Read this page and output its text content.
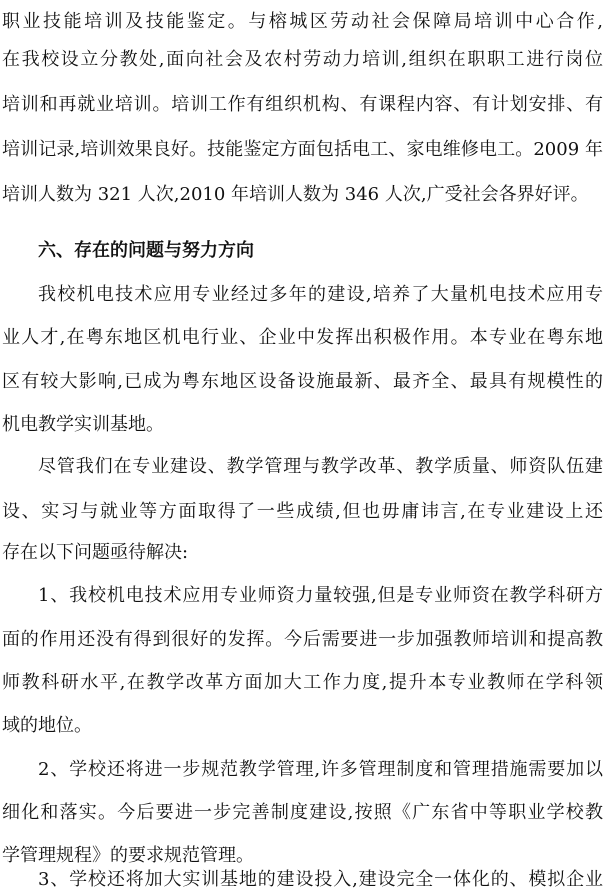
职业技能培训及技能鉴定。与榕城区劳动社会保障局培训中心合作,
在我校设立分教处,面向社会及农村劳动力培训,组织在职职工进行岗位
培训和再就业培训。培训工作有组织机构、有课程内容、有计划安排、有
培训记录,培训效果良好。技能鉴定方面包括电工、家电维修电工。2009 年
培训人数为 321 人次,2010 年培训人数为 346 人次,广受社会各界好评。
六、存在的问题与努力方向
我校机电技术应用专业经过多年的建设,培养了大量机电技术应用专
业人才,在粤东地区机电行业、企业中发挥出积极作用。本专业在粤东地
区有较大影响,已成为粤东地区设备设施最新、最齐全、最具有规模性的
机电教学实训基地。
尽管我们在专业建设、教学管理与教学改革、教学质量、师资队伍建
设、实习与就业等方面取得了一些成绩,但也毋庸讳言,在专业建设上还
存在以下问题亟待解决:
1、我校机电技术应用专业师资力量较强,但是专业师资在教学科研方
面的作用还没有得到很好的发挥。今后需要进一步加强教师培训和提高教
师教科研水平,在教学改革方面加大工作力度,提升本专业教师在学科领
域的地位。
2、学校还将进一步规范教学管理,许多管理制度和管理措施需要加以
细化和落实。今后要进一步完善制度建设,按照《广东省中等职业学校教
学管理规程》的要求规范管理。
3、学校还将加大实训基地的建设投入,建设完全一体化的、模拟企业
